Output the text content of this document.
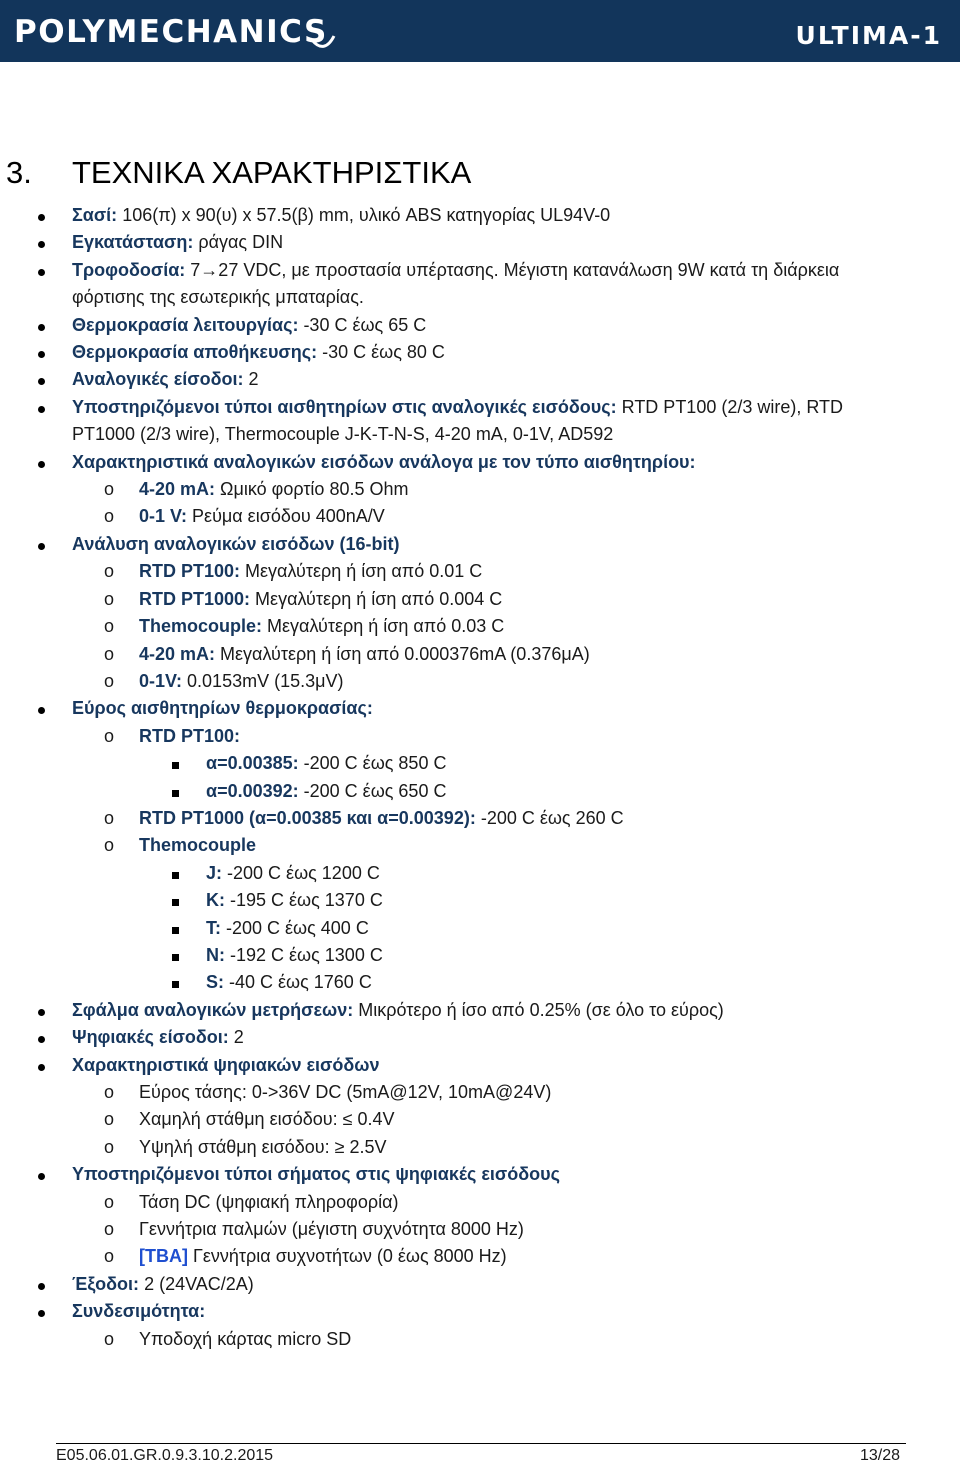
POLYMECHANICS	ULTIMA-1
3. ΤΕΧΝΙΚΑ ΧΑΡΑΚΤΗΡΙΣΤΙΚΑ
Σασί: 106(π) x 90(υ) x 57.5(β) mm, υλικό ABS κατηγορίας UL94V-0
Εγκατάσταση: ράγας DIN
Τροφοδοσία: 7→27 VDC, με προστασία υπέρτασης. Μέγιστη κατανάλωση 9W κατά τη διάρκεια
φόρτισης της εσωτερικής μπαταρίας.
Θερμοκρασία λειτουργίας: -30 C έως 65 C
Θερμοκρασία αποθήκευσης: -30 C έως 80 C
Αναλογικές είσοδοι: 2
Υποστηριζόμενοι τύποι αισθητηρίων στις αναλογικές εισόδους: RTD PT100 (2/3 wire), RTD
PT1000 (2/3 wire), Thermocouple J-K-T-N-S, 4-20 mA, 0-1V, AD592
Χαρακτηριστικά αναλογικών εισόδων ανάλογα με τον τύπο αισθητηρίου:
o 4-20 mA: Ωμικό φορτίο 80.5 Ohm
o 0-1 V: Ρεύμα εισόδου 400nA/V
Ανάλυση αναλογικών εισόδων (16-bit)
o RTD PT100: Μεγαλύτερη ή ίση από 0.01 C
o RTD PT1000: Μεγαλύτερη ή ίση από 0.004 C
o Themocouple: Μεγαλύτερη ή ίση από 0.03 C
o 4-20 mA: Μεγαλύτερη ή ίση από 0.000376mA (0.376μA)
o 0-1V: 0.0153mV (15.3μV)
Εύρος αισθητηρίων θερμοκρασίας:
o RTD PT100:
α=0.00385: -200 C έως 850 C
α=0.00392: -200 C έως 650 C
o RTD PT1000 (α=0.00385 και α=0.00392): -200 C έως 260 C
o Themocouple
J: -200 C έως 1200 C
K: -195 C έως 1370 C
T: -200 C έως 400 C
N: -192 C έως 1300 C
S: -40 C έως 1760 C
Σφάλμα αναλογικών μετρήσεων: Μικρότερο ή ίσο από 0.25% (σε όλο το εύρος)
Ψηφιακές είσοδοι: 2
Χαρακτηριστικά ψηφιακών εισόδων
o Εύρος τάσης: 0->36V DC (5mA@12V, 10mA@24V)
o Χαμηλή στάθμη εισόδου: ≤ 0.4V
o Υψηλή στάθμη εισόδου: ≥ 2.5V
Υποστηριζόμενοι τύποι σήματος στις ψηφιακές εισόδους
o Τάση DC (ψηφιακή πληροφορία)
o Γεννήτρια παλμών (μέγιστη συχνότητα 8000 Hz)
o [TBA] Γεννήτρια συχνοτήτων (0 έως 8000 Hz)
Έξοδοι: 2 (24VAC/2A)
Συνδεσιμότητα:
o Υποδοχή κάρτας micro SD
E05.06.01.GR.0.9.3.10.2.2015	13/28
